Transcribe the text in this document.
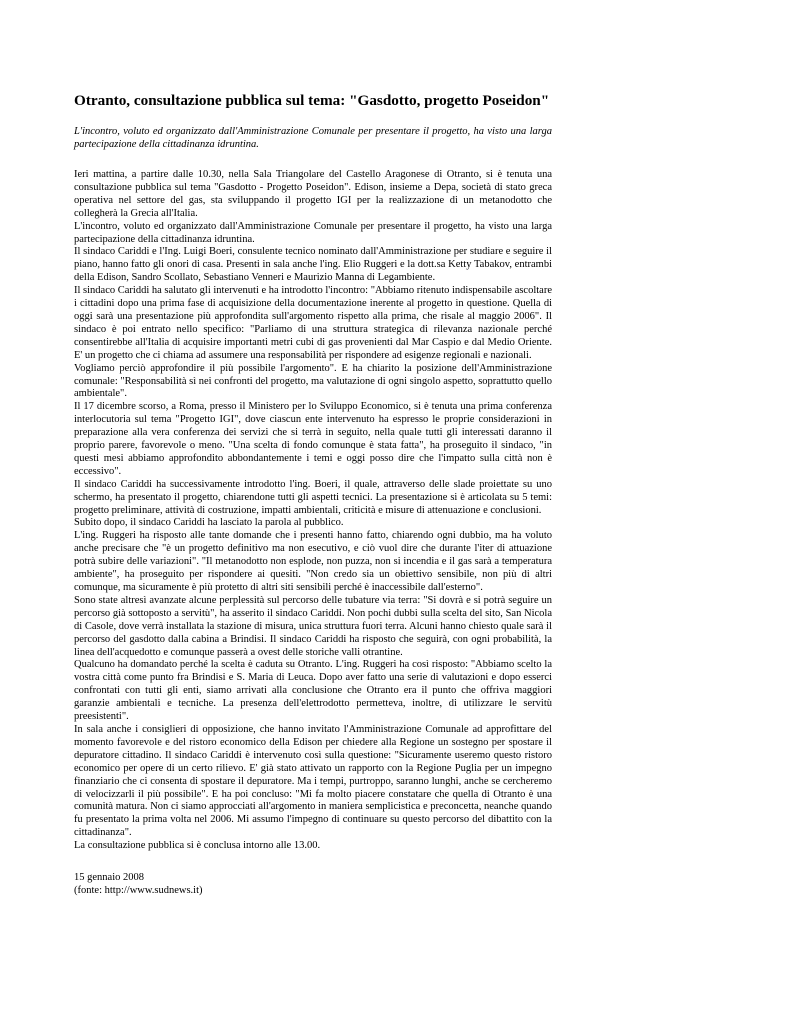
Otranto, consultazione pubblica sul tema: "Gasdotto, progetto Poseidon"

L'incontro, voluto ed organizzato dall'Amministrazione Comunale per presentare il progetto, ha visto una larga partecipazione della cittadinanza idruntina.

Ieri mattina, a partire dalle 10.30, nella Sala Triangolare del Castello Aragonese di Otranto, si è tenuta una consultazione pubblica sul tema "Gasdotto - Progetto Poseidon". Edison, insieme a Depa, società di stato greca operativa nel settore del gas, sta sviluppando il progetto IGI per la realizzazione di un metanodotto che collegherà la Grecia all'Italia.

L'incontro, voluto ed organizzato dall'Amministrazione Comunale per presentare il progetto, ha visto una larga partecipazione della cittadinanza idruntina.

Il sindaco Cariddi e l'Ing. Luigi Boeri, consulente tecnico nominato dall'Amministrazione per studiare e seguire il piano, hanno fatto gli onori di casa. Presenti in sala anche l'ing. Elio Ruggeri e la dott.sa Ketty Tabakov, entrambi della Edison, Sandro Scollato, Sebastiano Venneri e Maurizio Manna di Legambiente.

Il sindaco Cariddi ha salutato gli intervenuti e ha introdotto l'incontro: "Abbiamo ritenuto indispensabile ascoltare i cittadini dopo una prima fase di acquisizione della documentazione inerente al progetto in questione. Quella di oggi sarà una presentazione più approfondita sull'argomento rispetto alla prima, che risale al maggio 2006". Il sindaco è poi entrato nello specifico: "Parliamo di una struttura strategica di rilevanza nazionale perché consentirebbe all'Italia di acquisire importanti metri cubi di gas provenienti dal Mar Caspio e dal Medio Oriente. E' un progetto che ci chiama ad assumere una responsabilità per rispondere ad esigenze regionali e nazionali.

Vogliamo perciò approfondire il più possibile l'argomento". E ha chiarito la posizione dell'Amministrazione comunale: "Responsabilità sì nei confronti del progetto, ma valutazione di ogni singolo aspetto, soprattutto quello ambientale".

Il 17 dicembre scorso, a Roma, presso il Ministero per lo Sviluppo Economico, si è tenuta una prima conferenza interlocutoria sul tema "Progetto IGI", dove ciascun ente intervenuto ha espresso le proprie considerazioni in preparazione alla vera conferenza dei servizi che si terrà in seguito, nella quale tutti gli interessati daranno il proprio parere, favorevole o meno. "Una scelta di fondo comunque è stata fatta", ha proseguito il sindaco, "in questi mesi abbiamo approfondito abbondantemente i temi e oggi posso dire che l'impatto sulla città non è eccessivo".

Il sindaco Cariddi ha successivamente introdotto l'ing. Boeri, il quale, attraverso delle slade proiettate su uno schermo, ha presentato il progetto, chiarendone tutti gli aspetti tecnici. La presentazione si è articolata su 5 temi: progetto preliminare, attività di costruzione, impatti ambientali, criticità e misure di attenuazione e conclusioni.

Subito dopo, il sindaco Cariddi ha lasciato la parola al pubblico.

L'ing. Ruggeri ha risposto alle tante domande che i presenti hanno fatto, chiarendo ogni dubbio, ma ha voluto anche precisare che "è un progetto definitivo ma non esecutivo, e ciò vuol dire che durante l'iter di attuazione potrà subire delle variazioni". "Il metanodotto non esplode, non puzza, non si incendia e il gas sarà a temperatura ambiente", ha proseguito per rispondere ai quesiti. "Non credo sia un obiettivo sensibile, non più di altri comunque, ma sicuramente è più protetto di altri siti sensibili perché è inaccessibile dall'esterno".

Sono state altresì avanzate alcune perplessità sul percorso delle tubature via terra: "Si dovrà e si potrà seguire un percorso già sottoposto a servitù", ha asserito il sindaco Cariddi. Non pochi dubbi sulla scelta del sito, San Nicola di Casole, dove verrà installata la stazione di misura, unica struttura fuori terra. Alcuni hanno chiesto quale sarà il percorso del gasdotto dalla cabina a Brindisi. Il sindaco Cariddi ha risposto che seguirà, con ogni probabilità, la linea dell'acquedotto e comunque passerà a ovest delle storiche valli otrantine.

Qualcuno ha domandato perché la scelta è caduta su Otranto. L'ing. Ruggeri ha così risposto: "Abbiamo scelto la vostra città come punto fra Brindisi e S. Maria di Leuca. Dopo aver fatto una serie di valutazioni e dopo esserci confrontati con tutti gli enti, siamo arrivati alla conclusione che Otranto era il punto che offriva maggiori garanzie ambientali e tecniche. La presenza dell'elettrodotto permetteva, inoltre, di utilizzare le servitù preesistenti".

In sala anche i consiglieri di opposizione, che hanno invitato l'Amministrazione Comunale ad approfittare del momento favorevole e del ristoro economico della Edison per chiedere alla Regione un sostegno per spostare il depuratore cittadino. Il sindaco Cariddi è intervenuto così sulla questione: "Sicuramente useremo questo ristoro economico per opere di un certo rilievo. E' già stato attivato un rapporto con la Regione Puglia per un impegno finanziario che ci consenta di spostare il depuratore. Ma i tempi, purtroppo, saranno lunghi, anche se cercheremo di velocizzarli il più possibile". E ha poi concluso: "Mi fa molto piacere constatare che quella di Otranto è una comunità matura. Non ci siamo approcciati all'argomento in maniera semplicistica e preconcetta, neanche quando fu presentato la prima volta nel 2006. Mi assumo l'impegno di continuare su questo percorso del dibattito con la cittadinanza".

La consultazione pubblica si è conclusa intorno alle 13.00.

15 gennaio 2008
(fonte: http://www.sudnews.it)
